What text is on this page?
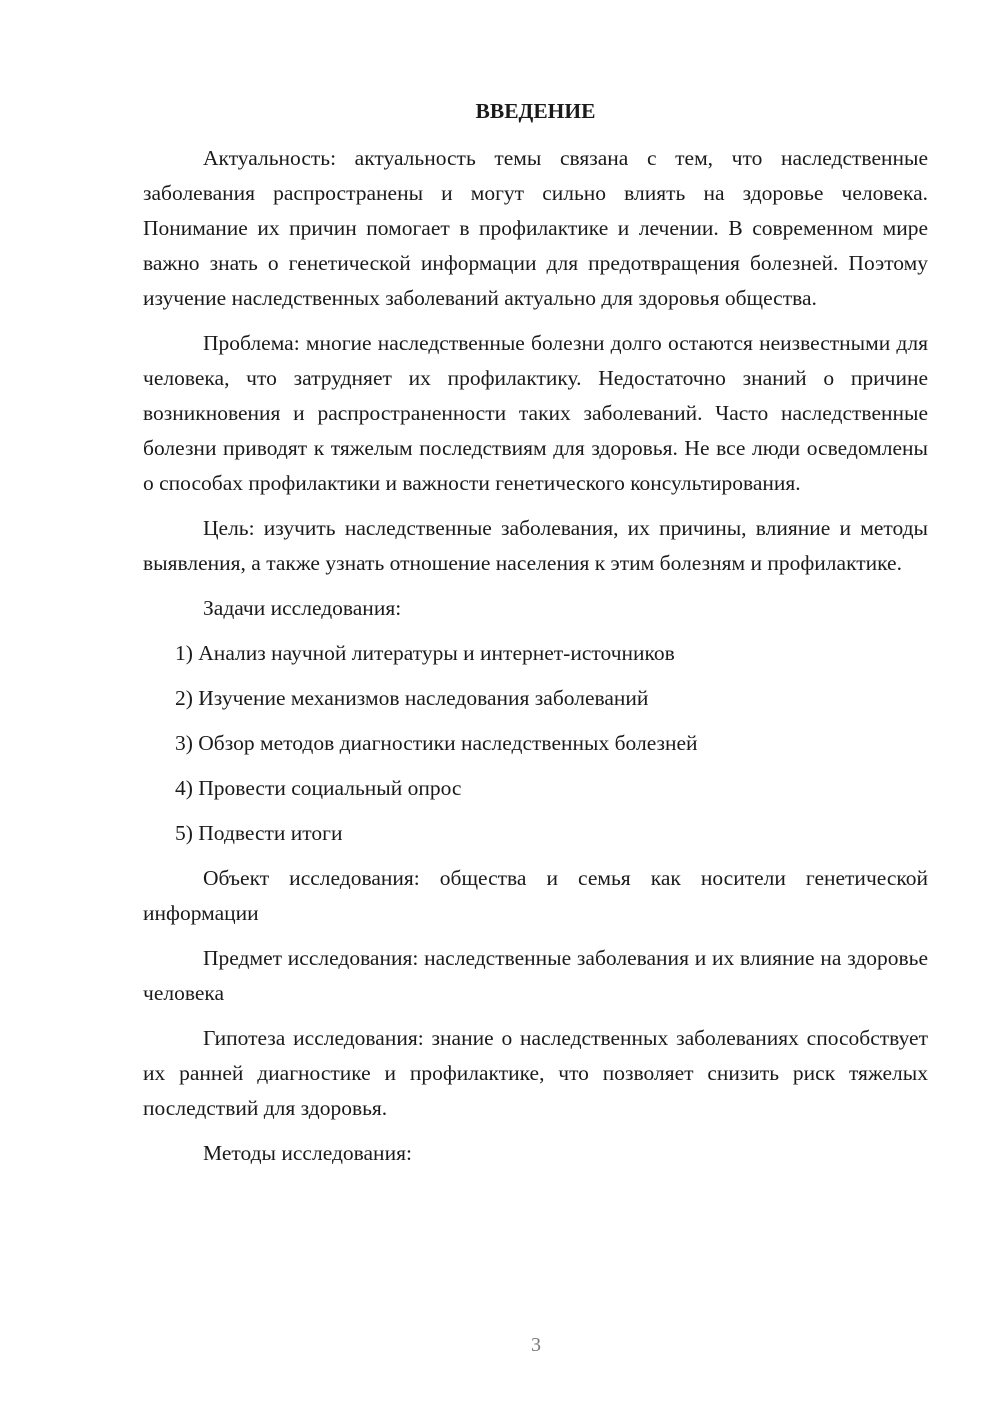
ВВЕДЕНИЕ

Актуальность: актуальность темы связана с тем, что наследственные заболевания распространены и могут сильно влиять на здоровье человека. Понимание их причин помогает в профилактике и лечении. В современном мире важно знать о генетической информации для предотвращения болезней. Поэтому изучение наследственных заболеваний актуально для здоровья общества.

Проблема: многие наследственные болезни долго остаются неизвестными для человека, что затрудняет их профилактику. Недостаточно знаний о причине возникновения и распространенности таких заболеваний. Часто наследственные болезни приводят к тяжелым последствиям для здоровья. Не все люди осведомлены о способах профилактики и важности генетического консультирования.

Цель: изучить наследственные заболевания, их причины, влияние и методы выявления, а также узнать отношение населения к этим болезням и профилактике.

Задачи исследования:

1) Анализ научной литературы и интернет-источников
2) Изучение механизмов наследования заболеваний
3) Обзор методов диагностики наследственных болезней
4) Провести социальный опрос
5) Подвести итоги

Объект исследования: общества и семья как носители генетической информации

Предмет исследования: наследственные заболевания и их влияние на здоровье человека

Гипотеза исследования: знание о наследственных заболеваниях способствует их ранней диагностике и профилактике, что позволяет снизить риск тяжелых последствий для здоровья.

Методы исследования:

3
